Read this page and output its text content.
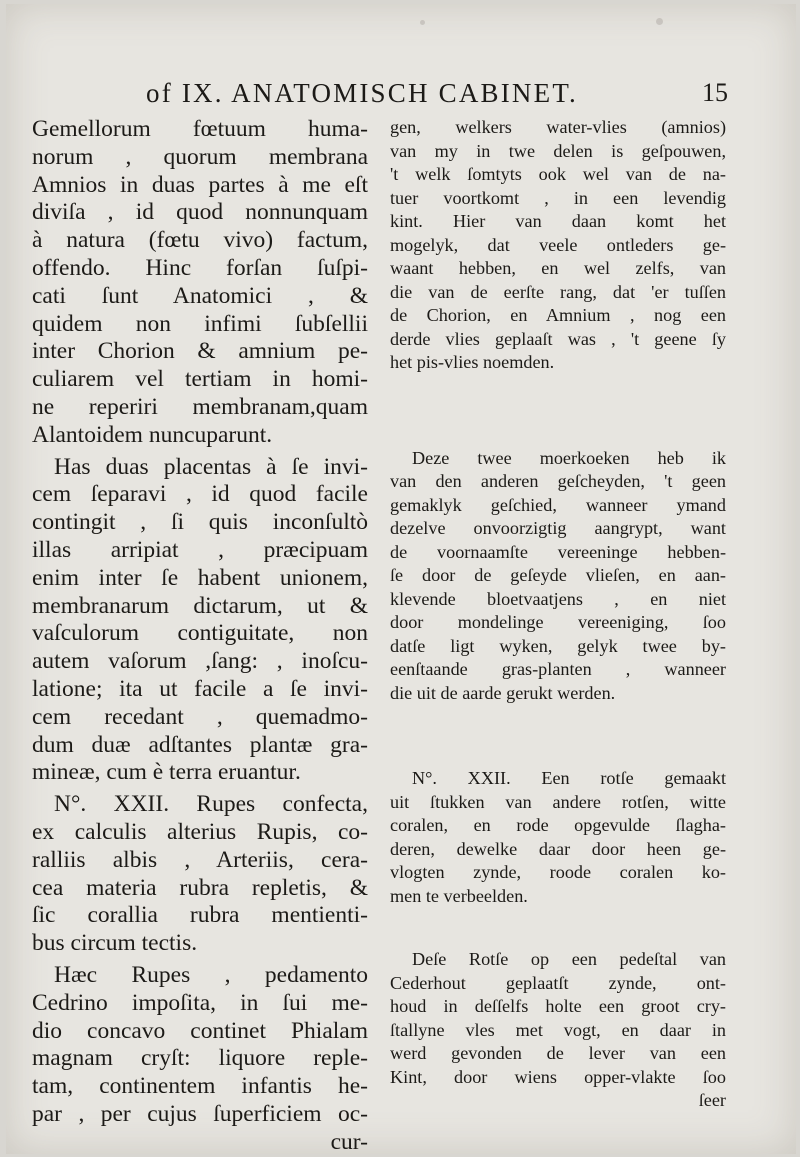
of IX. ANATOMISCH CABINET.	15
Gemellorum fœtuum huma-
norum , quorum membrana
Amnios in duas partes à me eſt
diviſa , id quod nonnunquam
à natura (fœtu vivo) factum,
offendo. Hinc forſan ſuſpi-
cati ſunt Anatomici , &
quidem non infimi ſubſellii
inter Chorion & amnium pe-
culiarem vel tertiam in homi-
ne reperiri membranam,quam
Alantoidem nuncuparunt.
Has duas placentas à ſe invi-
cem ſeparavi , id quod facile
contingit , ſi quis inconſultò
illas arripiat , præcipuam
enim inter ſe habent unionem,
membranarum dictarum, ut &
vaſculorum contiguitate, non
autem vaſorum ,ſang: , inoſcu-
latione; ita ut facile a ſe invi-
cem recedant , quemadmo-
dum duæ adſtantes plantæ gra-
mineæ, cum è terra eruantur.
N°. XXII. Rupes confecta,
ex calculis alterius Rupis, co-
ralliis albis , Arteriis, cera-
cea materia rubra repletis, &
ſic corallia rubra mentienti-
bus circum tectis.
Hæc Rupes , pedamento
Cedrino impoſita, in ſui me-
dio concavo continet Phialam
magnam cryſt: liquore reple-
tam, continentem infantis he-
par , per cujus ſuperficiem oc-
cur-
gen, welkers water-vlies (amnios)
van my in twe delen is geſpouwen,
't welk ſomtyts ook wel van de na-
tuer voortkomt , in een levendig
kint. Hier van daan komt het
mogelyk, dat veele ontleders ge-
waant hebben, en wel zelfs, van
die van de eerſte rang, dat 'er tuſſen
de Chorion, en Amnium , nog een
derde vlies geplaaſt was , 't geene ſy
het pis-vlies noemden.
Deze twee moerkoeken heb ik
van den anderen geſcheyden, 't geen
gemaklyk geſchied, wanneer ymand
dezelve onvoorzigtig aangrypt, want
de voornaamſte vereeninge hebben-
ſe door de geſeyde vlieſen, en aan-
klevende bloetvaatjens , en niet
door mondelinge vereeniging, ſoo
datſe ligt wyken, gelyk twee by-
eenſtaande gras-planten , wanneer
die uit de aarde gerukt werden.
N°. XXII. Een rotſe gemaakt
uit ſtukken van andere rotſen, witte
coralen, en rode opgevulde ſlagha-
deren, dewelke daar door heen ge-
vlogten zynde, roode coralen ko-
men te verbeelden.
Deſe Rotſe op een pedeſtal van
Cederhout geplaatſt zynde, ont-
houd in deſſelfs holte een groot cry-
ſtallyne vles met vogt, en daar in
werd gevonden de lever van een
Kint, door wiens opper-vlakte ſoo
ſeer
